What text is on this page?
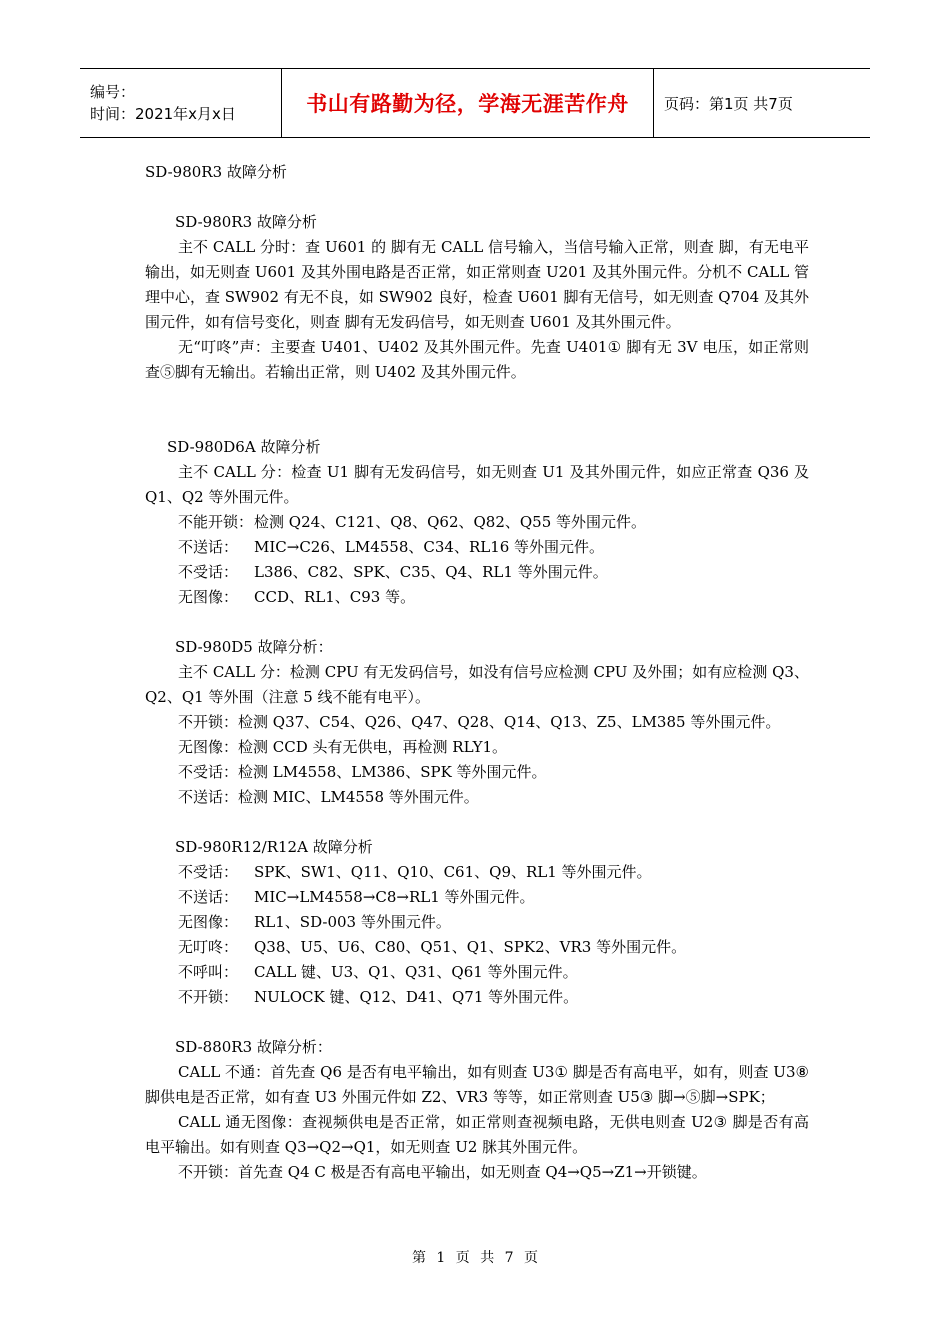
编号：
时间：2021年x月x日	书山有路勤为径，学海无涯苦作舟 页码：第1页 共7页
SD-980R3 故障分析
SD-980R3 故障分析
主不 CALL 分时：查 U601 的 脚有无 CALL 信号输入，当信号输入正常，则查 脚，有无电平输出，如无则查 U601 及其外围电路是否正常，如正常则查 U201 及其外围元件。分机不 CALL 管理中心，查 SW902 有无不良，如 SW902 良好，检查 U601 脚有无信号，如无则查 Q704 及其外围元件，如有信号变化，则查 脚有无发码信号，如无则查 U601 及其外围元件。
无“叮咚”声：主要查 U401、U402 及其外围元件。先查 U401① 脚有无 3V 电压，如正常则查⑤脚有无输出。若输出正常，则 U402 及其外围元件。
SD-980D6A 故障分析
主不 CALL 分：检查 U1 脚有无发码信号，如无则查 U1 及其外围元件，如应正常查 Q36 及 Q1、Q2 等外围元件。
不能开锁：检测 Q24、C121、Q8、Q62、Q82、Q55 等外围元件。
不送话： MIC→C26、LM4558、C34、RL16 等外围元件。
不受话： L386、C82、SPK、C35、Q4、RL1 等外围元件。
无图像： CCD、RL1、C93 等。
SD-980D5 故障分析：
主不 CALL 分：检测 CPU 有无发码信号，如没有信号应检测 CPU 及外围；如有应检测 Q3、Q2、Q1 等外围（注意 5 线不能有电平）。
不开锁：检测 Q37、C54、Q26、Q47、Q28、Q14、Q13、Z5、LM385 等外围元件。
无图像：检测 CCD 头有无供电，再检测 RLY1。
不受话：检测 LM4558、LM386、SPK 等外围元件。
不送话：检测 MIC、LM4558 等外围元件。
SD-980R12/R12A 故障分析
不受话： SPK、SW1、Q11、Q10、C61、Q9、RL1 等外围元件。
不送话： MIC→LM4558→C8→RL1 等外围元件。
无图像： RL1、SD-003 等外围元件。
无叮咚： Q38、U5、U6、C80、Q51、Q1、SPK2、VR3 等外围元件。
不呼叫： CALL 键、U3、Q1、Q31、Q61 等外围元件。
不开锁： NULOCK 键、Q12、D41、Q71 等外围元件。
SD-880R3 故障分析：
CALL 不通：首先查 Q6 是否有电平输出，如有则查 U3① 脚是否有高电平，如有，则查 U3⑧ 脚供电是否正常，如有查 U3 外围元件如 Z2、VR3 等等，如正常则查 U5③ 脚→⑤脚→SPK；
CALL 通无图像：查视频供电是否正常，如正常则查视频电路，无供电则查 U2③ 脚是否有高电平输出。如有则查 Q3→Q2→Q1，如无则查 U2 脒其外围元件。
不开锁：首先查 Q4 C 极是否有高电平输出，如无则查 Q4→Q5→Z1→开锁键。
第 1 页 共 7 页
